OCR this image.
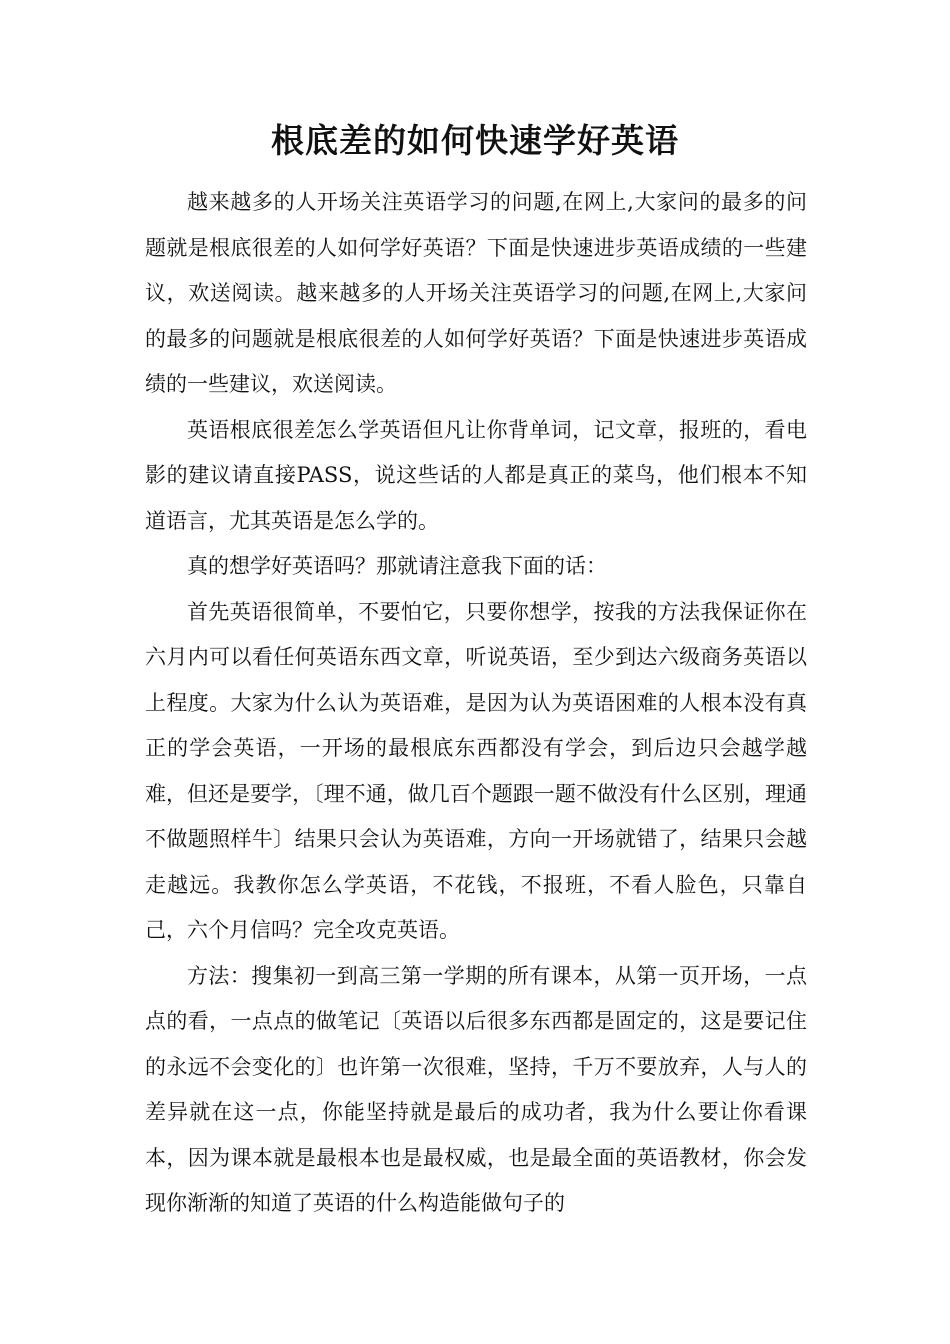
根底差的如何快速学好英语

越来越多的人开场关注英语学习的问题,在网上,大家问的最多的问题就是根底很差的人如何学好英语？下面是快速进步英语成绩的一些建议，欢送阅读。越来越多的人开场关注英语学习的问题,在网上,大家问的最多的问题就是根底很差的人如何学好英语？下面是快速进步英语成绩的一些建议，欢送阅读。

英语根底很差怎么学英语但凡让你背单词，记文章，报班的，看电影的建议请直接PASS，说这些话的人都是真正的菜鸟，他们根本不知道语言，尤其英语是怎么学的。

真的想学好英语吗？那就请注意我下面的话：

首先英语很简单，不要怕它，只要你想学，按我的方法我保证你在六月内可以看任何英语东西文章，听说英语，至少到达六级商务英语以上程度。大家为什么认为英语难，是因为认为英语困难的人根本没有真正的学会英语，一开场的最根底东西都没有学会，到后边只会越学越难，但还是要学，〔理不通，做几百个题跟一题不做没有什么区别，理通不做题照样牛〕结果只会认为英语难，方向一开场就错了，结果只会越走越远。我教你怎么学英语，不花钱，不报班，不看人脸色，只靠自己，六个月信吗？完全攻克英语。

方法：搜集初一到高三第一学期的所有课本，从第一页开场，一点点的看，一点点的做笔记〔英语以后很多东西都是固定的，这是要记住的永远不会变化的〕也许第一次很难，坚持，千万不要放弃，人与人的差异就在这一点，你能坚持就是最后的成功者，我为什么要让你看课本，因为课本就是最根本也是最权威，也是最全面的英语教材，你会发现你渐渐的知道了英语的什么构造能做句子的
